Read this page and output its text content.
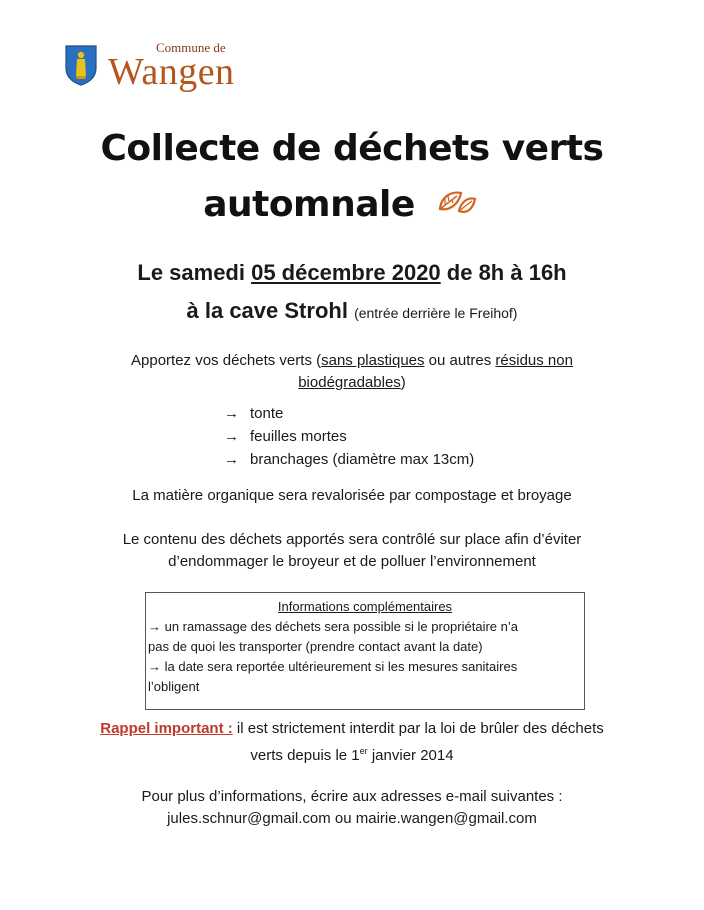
Commune de
Wangen
Collecte de déchets verts
automnale
Le samedi 05 décembre 2020 de 8h à 16h
à la cave Strohl (entrée derrière le Freihof)
Apportez vos déchets verts (sans plastiques ou autres résidus non
biodégradables)
→ tonte
→ feuilles mortes
→ branchages (diamètre max 13cm)
La matière organique sera revalorisée par compostage et broyage
Le contenu des déchets apportés sera contrôlé sur place afin d’éviter
d’endommager le broyeur et de polluer l’environnement
Informations complémentaires
→ un ramassage des déchets sera possible si le propriétaire n’a
pas de quoi les transporter (prendre contact avant la date)
→ la date sera reportée ultérieurement si les mesures sanitaires
l’obligent
Rappel important : il est strictement interdit par la loi de brûler des déchets
verts depuis le 1er janvier 2014
Pour plus d’informations, écrire aux adresses e-mail suivantes :
jules.schnur@gmail.com ou mairie.wangen@gmail.com
